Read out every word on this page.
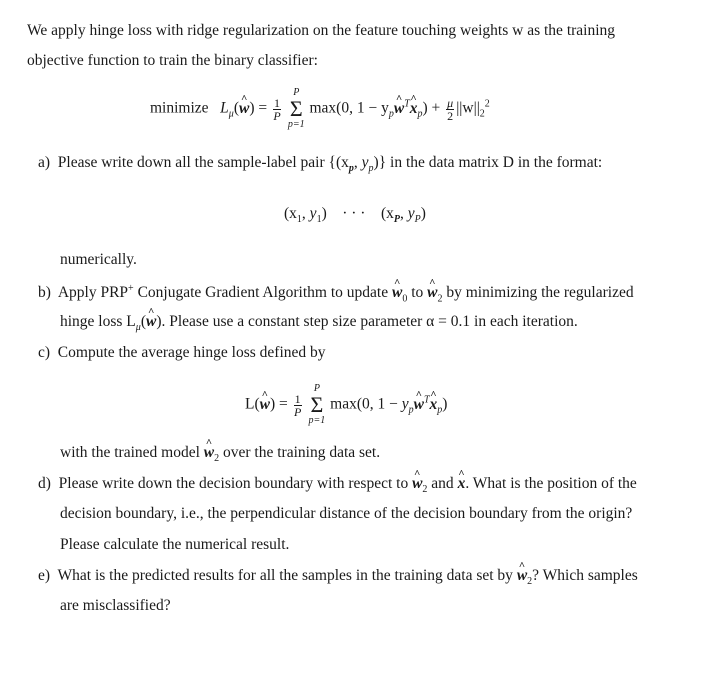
We apply hinge loss with ridge regularization on the feature touching weights w as the training
objective function to train the binary classifier:
minimize $L_\mu(\^{}$ $w) = \frac{1}{P}$

P
Σ
p=1
max(0, $1 - y_p\^{}$ $w^T\^{}$ $x_p) + \frac{\mu}{2} ||w||_2^2$
a) Please write down all the sample-label pair {($x_p$, $y_p$)} in the data matrix D in the format:
($x_1$, $y_1$)    · · · ($x_P$, $y_P$)
numerically.
b) Apply PRP+ Conjugate Gradient Algorithm to update ^ $w_0$ to ^ $w_2$ by minimizing the regularized
hinge loss $L_\mu(\^{}$ w). Please use a constant step size parameter α = 0.1 in each iteration.
c) Compute the average hinge loss defined by
L(^ $w) = \frac{1}{P}$

P
Σ
p=1
max(0, $1 - y_p\^{}$ $w^T\^{}$ $x_p$)
with the trained model ^ $w_2$ over the training data set.
d) Please write down the decision boundary with respect to ^ $w_2$ and ^ x. What is the position of the
decision boundary, i.e., the perpendicular distance of the decision boundary from the origin?
Please calculate the numerical result.
e) What is the predicted results for all the samples in the training data set by ^ $w_2$? Which samples
are misclassified?
